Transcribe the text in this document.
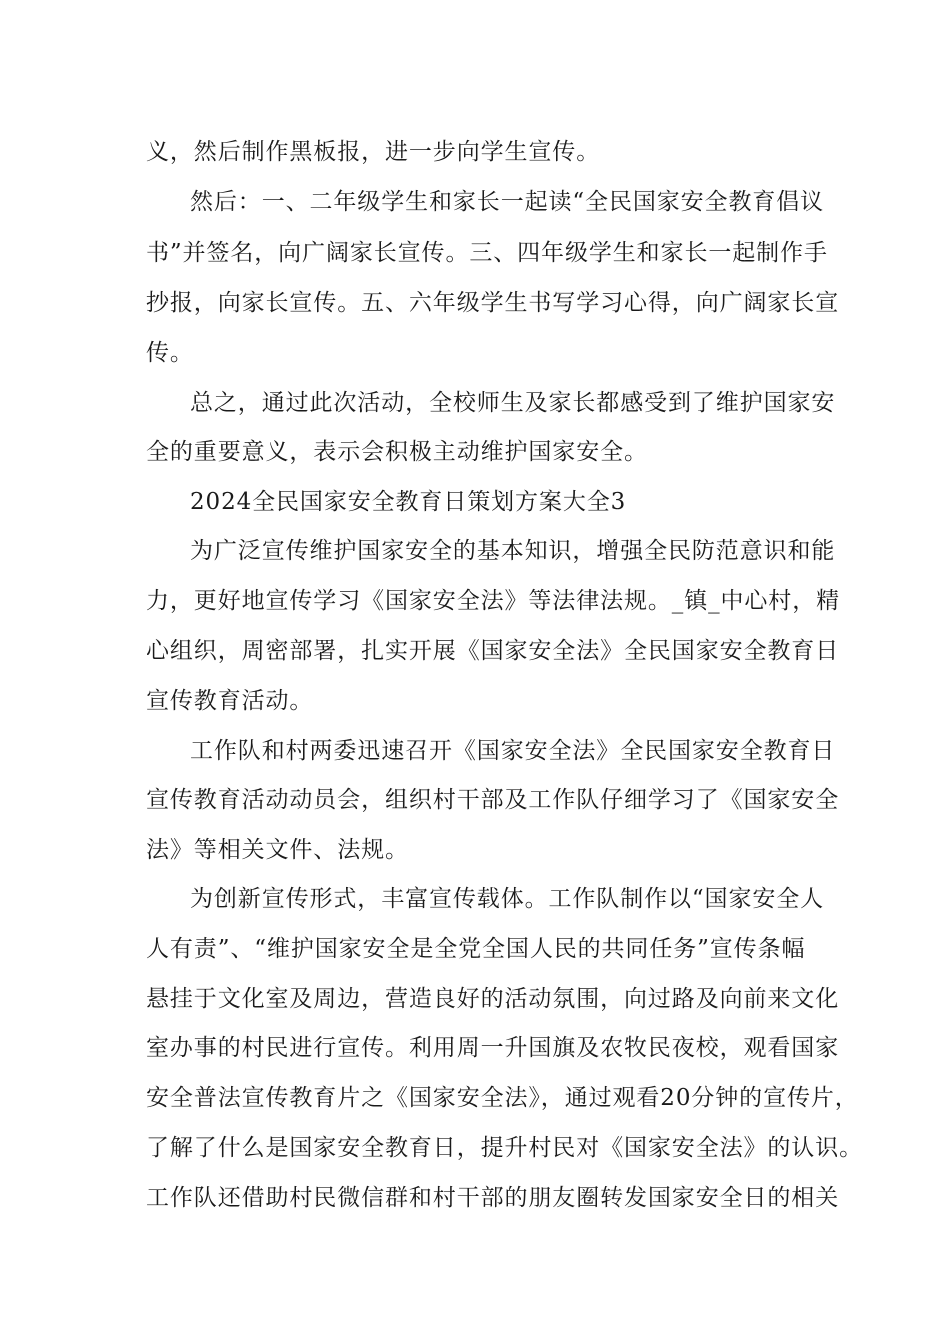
义，然后制作黑板报，进一步向学生宣传。

然后：一、二年级学生和家长一起读“全民国家安全教育倡议

书”并签名，向广阔家长宣传。三、四年级学生和家长一起制作手

抄报，向家长宣传。五、六年级学生书写学习心得，向广阔家长宣

传。

总之，通过此次活动，全校师生及家长都感受到了维护国家安

全的重要意义，表示会积极主动维护国家安全。

2024全民国家安全教育日策划方案大全3

为广泛宣传维护国家安全的基本知识，增强全民防范意识和能

力，更好地宣传学习《国家安全法》等法律法规。_镇_中心村，精

心组织，周密部署，扎实开展《国家安全法》全民国家安全教育日

宣传教育活动。

工作队和村两委迅速召开《国家安全法》全民国家安全教育日

宣传教育活动动员会，组织村干部及工作队仔细学习了《国家安全

法》等相关文件、法规。

为创新宣传形式，丰富宣传载体。工作队制作以“国家安全人

人有责”、“维护国家安全是全党全国人民的共同任务”宣传条幅

悬挂于文化室及周边，营造良好的活动氛围，向过路及向前来文化

室办事的村民进行宣传。利用周一升国旗及农牧民夜校，观看国家

安全普法宣传教育片之《国家安全法》，通过观看20分钟的宣传片，

了解了什么是国家安全教育日，提升村民对《国家安全法》的认识。

工作队还借助村民微信群和村干部的朋友圈转发国家安全日的相关
